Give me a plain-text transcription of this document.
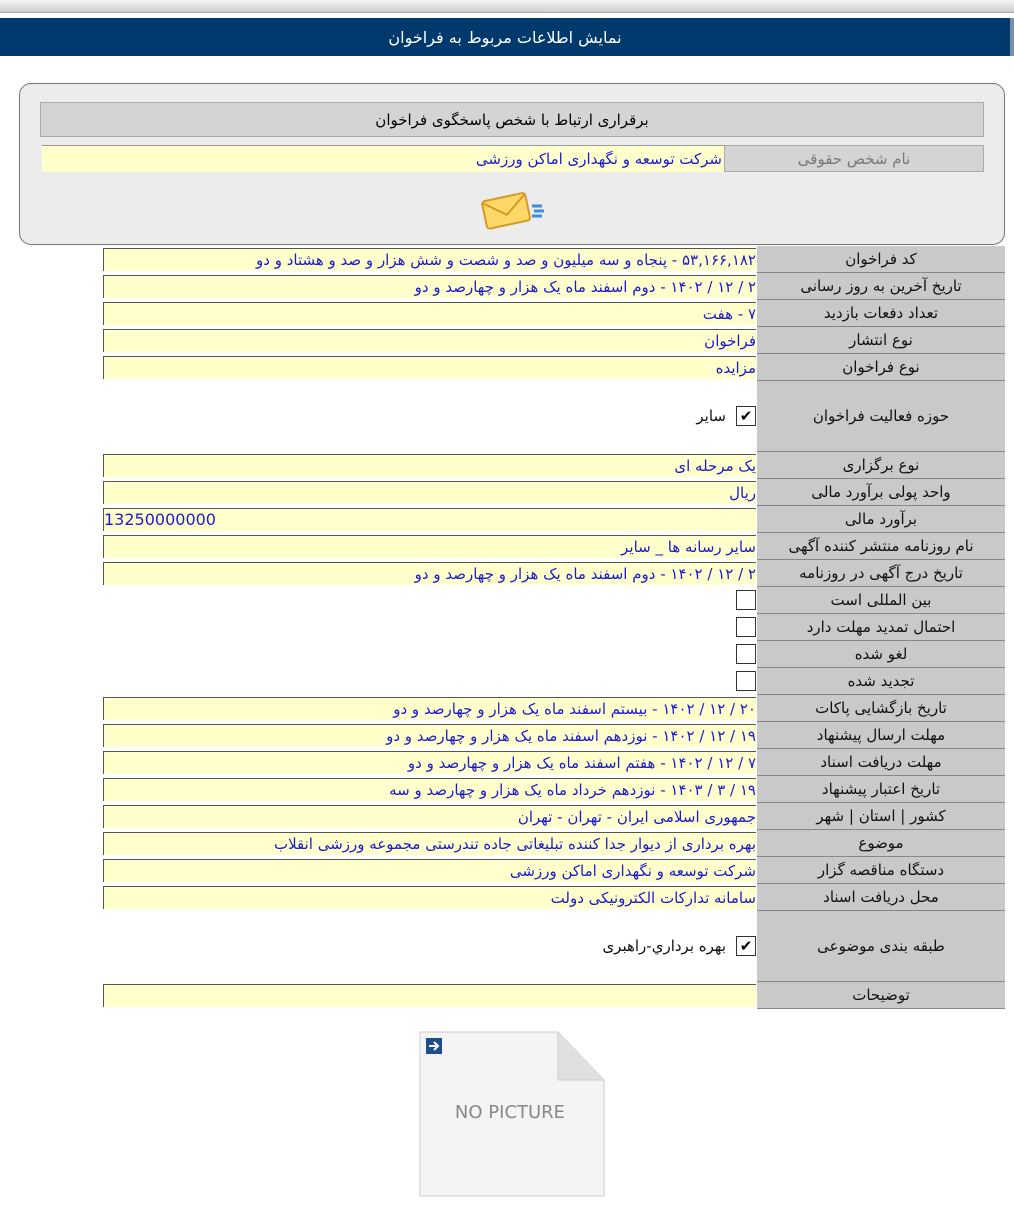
نمایش اطلاعات مربوط به فراخوان
برقراری ارتباط با شخص پاسخگوی فراخوان
نام شخص حقوقی
شرکت توسعه و نگهداری اماکن ورزشی
کد فراخوان	۵۳,۱۶۶,۱۸۲ - پنجاه و سه میلیون و صد و شصت و شش هزار و صد و هشتاد و دو

تاریخ آخرین به روز رسانی	۲ / ۱۲ / ۱۴۰۲ - دوم اسفند ماه یک هزار و چهارصد و دو

تعداد دفعات بازدید	۷ - هفت

نوع انتشار	فراخوان

نوع فراخوان	مزایده

حوزه فعالیت فراخوان	✔سایر
نوع برگزاری	یک مرحله ای

واحد پولی برآورد مالی	ریال

برآورد مالی	13250000000

نام روزنامه منتشر کننده آگهی	سایر رسانه ها _ سایر

تاریخ درج آگهی در روزنامه	۲ / ۱۲ / ۱۴۰۲ - دوم اسفند ماه یک هزار و چهارصد و دو

بین المللی است	
احتمال تمدید مهلت دارد	
لغو شده	
تجدید شده	
تاریخ بازگشایی پاکات	۲۰ / ۱۲ / ۱۴۰۲ - بیستم اسفند ماه یک هزار و چهارصد و دو

مهلت ارسال پیشنهاد	۱۹ / ۱۲ / ۱۴۰۲ - نوزدهم اسفند ماه یک هزار و چهارصد و دو

مهلت دریافت اسناد	۷ / ۱۲ / ۱۴۰۲ - هفتم اسفند ماه یک هزار و چهارصد و دو

تاریخ اعتبار پیشنهاد	۱۹ / ۳ / ۱۴۰۳ - نوزدهم خرداد ماه یک هزار و چهارصد و سه

کشور | استان | شهر	جمهوری اسلامی ایران - تهران - تهران

موضوع	بهره برداری از دیوار جدا کننده تبلیغاتی جاده تندرستی مجموعه ورزشی انقلاب

دستگاه مناقصه گزار	شرکت توسعه و نگهداری اماکن ورزشی

محل دریافت اسناد	سامانه تدارکات الکترونیکی دولت

طبقه بندی موضوعی	✔بهره برداري-راهبری
توضیحات	
NO PICTURE
